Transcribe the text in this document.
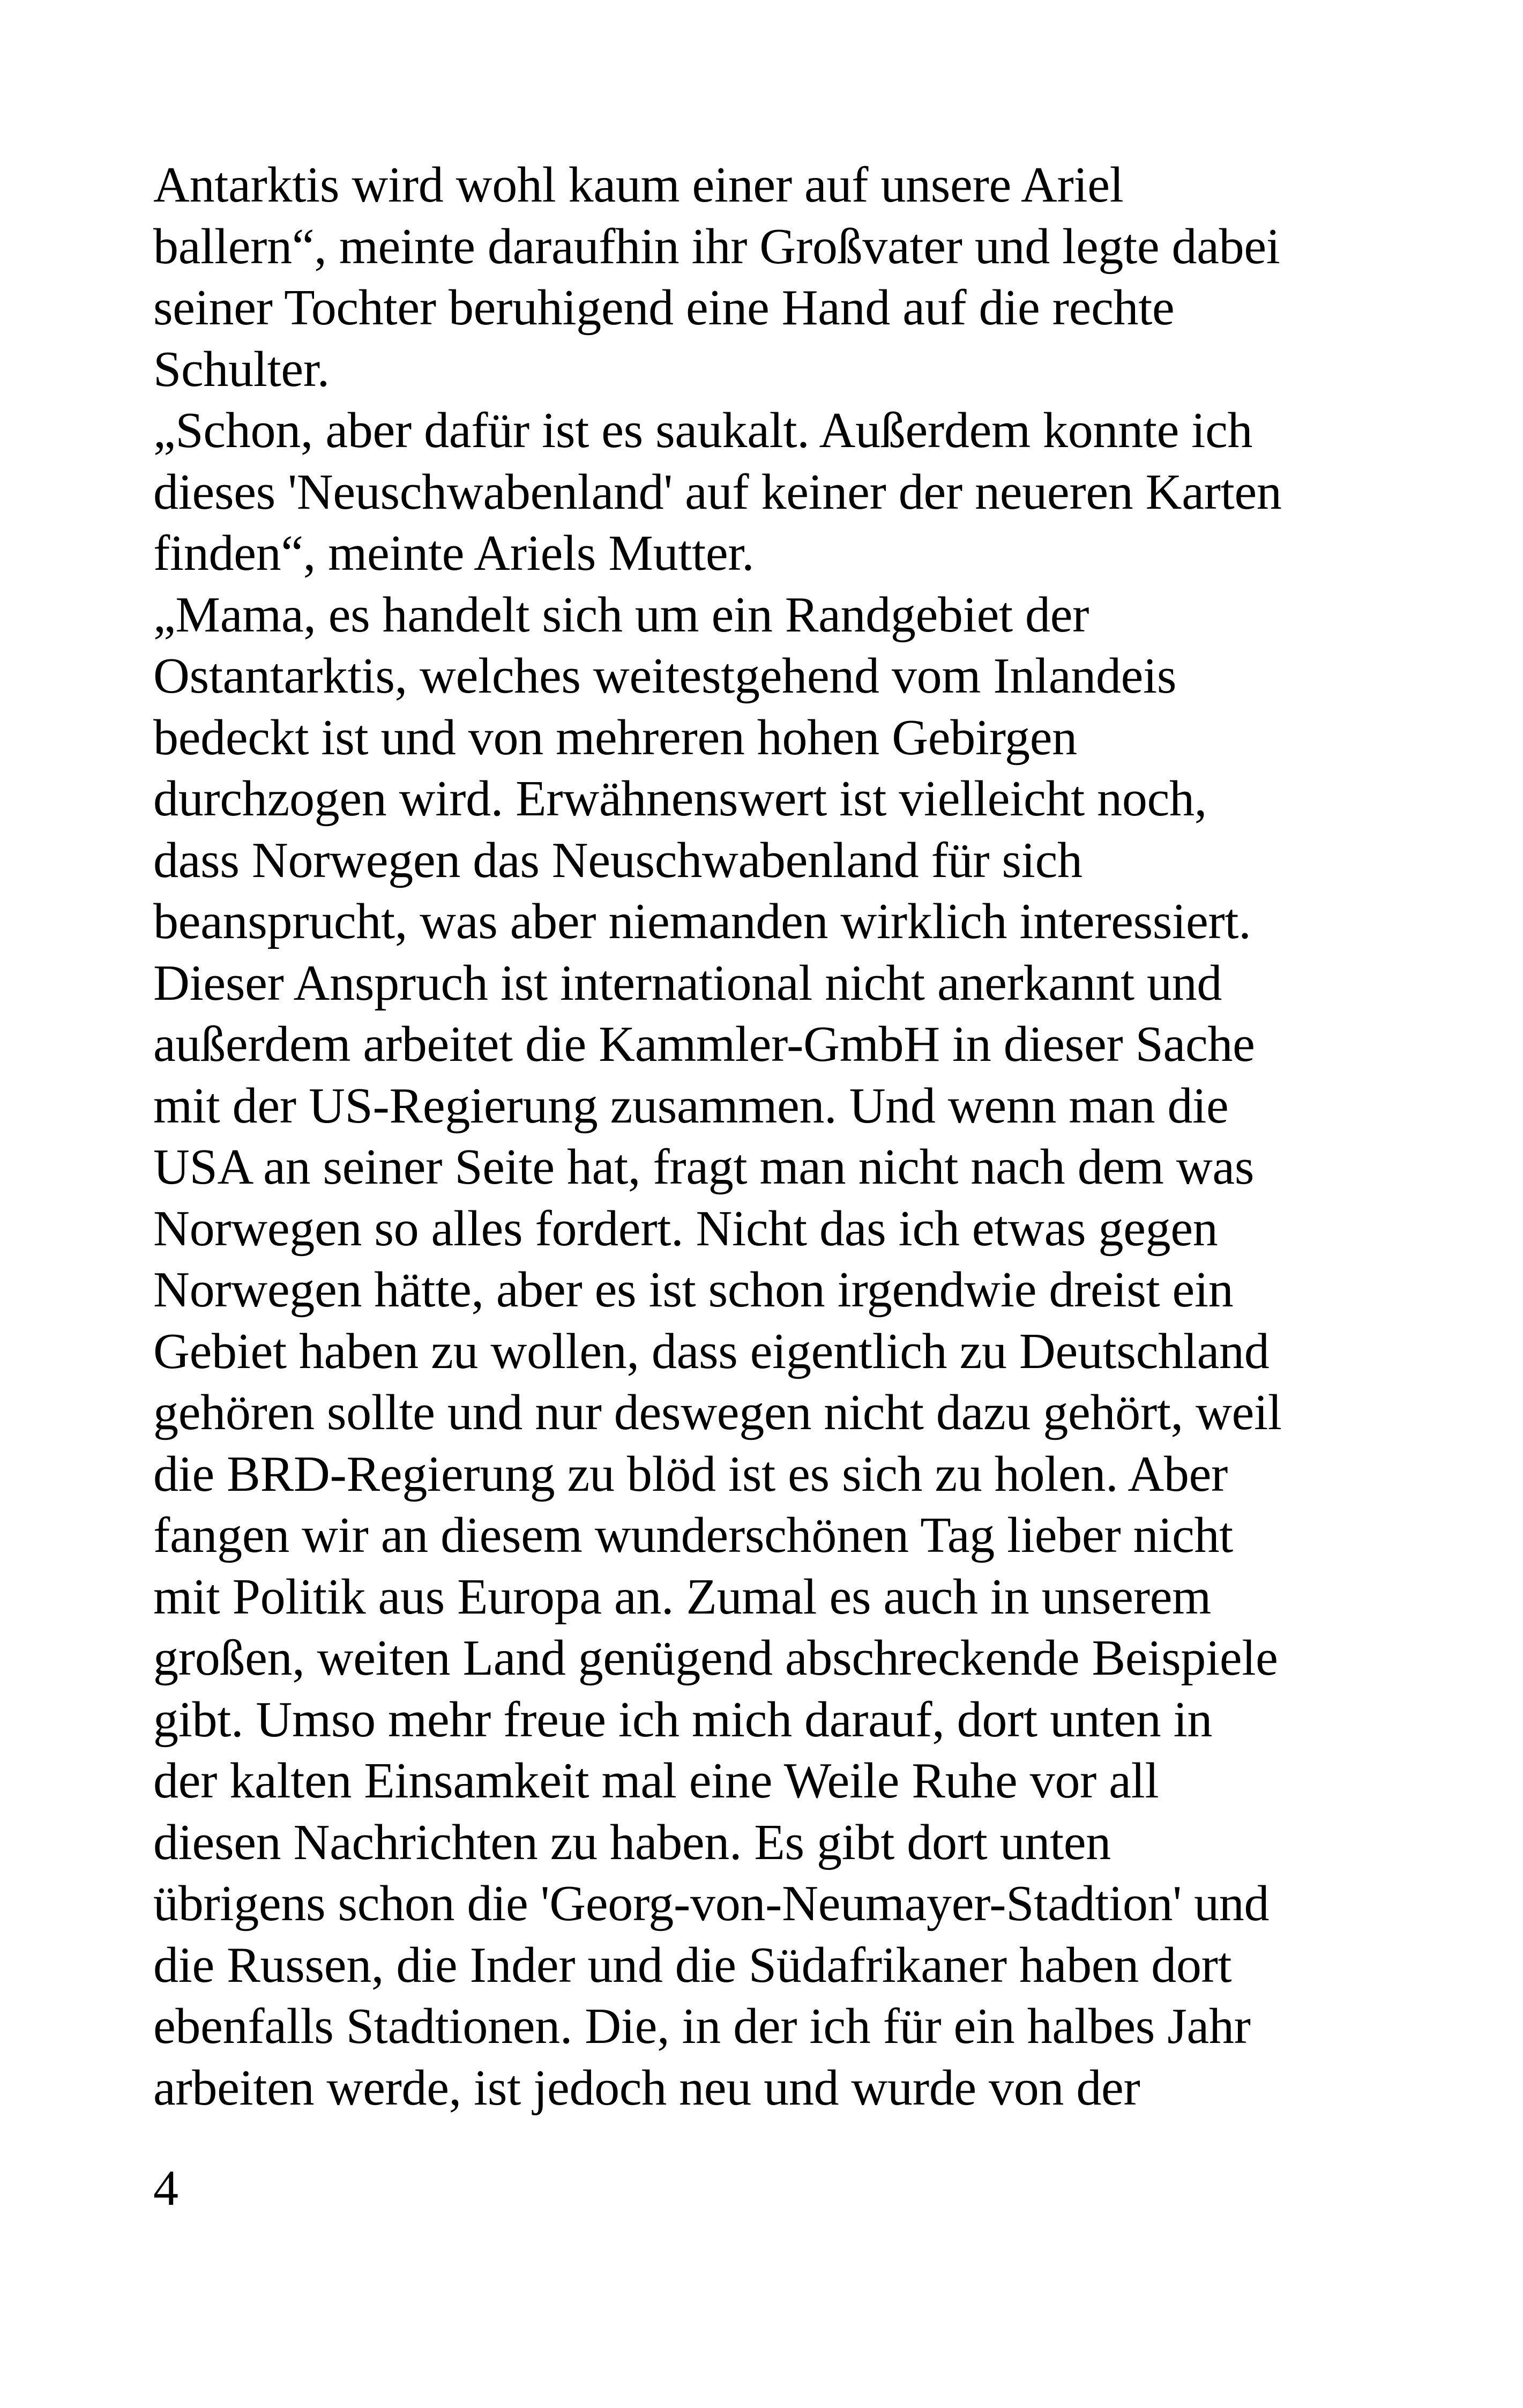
Antarktis wird wohl kaum einer auf unsere Ariel
ballern“, meinte daraufhin ihr Großvater und legte dabei
seiner Tochter beruhigend eine Hand auf die rechte
Schulter.
„Schon, aber dafür ist es saukalt. Außerdem konnte ich
dieses 'Neuschwabenland' auf keiner der neueren Karten
finden“, meinte Ariels Mutter.
„Mama, es handelt sich um ein Randgebiet der
Ostantarktis, welches weitestgehend vom Inlandeis
bedeckt ist und von mehreren hohen Gebirgen
durchzogen wird. Erwähnenswert ist vielleicht noch,
dass Norwegen das Neuschwabenland für sich
beansprucht, was aber niemanden wirklich interessiert.
Dieser Anspruch ist international nicht anerkannt und
außerdem arbeitet die Kammler-GmbH in dieser Sache
mit der US-Regierung zusammen. Und wenn man die
USA an seiner Seite hat, fragt man nicht nach dem was
Norwegen so alles fordert. Nicht das ich etwas gegen
Norwegen hätte, aber es ist schon irgendwie dreist ein
Gebiet haben zu wollen, dass eigentlich zu Deutschland
gehören sollte und nur deswegen nicht dazu gehört, weil
die BRD-Regierung zu blöd ist es sich zu holen. Aber
fangen wir an diesem wunderschönen Tag lieber nicht
mit Politik aus Europa an. Zumal es auch in unserem
großen, weiten Land genügend abschreckende Beispiele
gibt. Umso mehr freue ich mich darauf, dort unten in
der kalten Einsamkeit mal eine Weile Ruhe vor all
diesen Nachrichten zu haben. Es gibt dort unten
übrigens schon die 'Georg-von-Neumayer-Stadtion' und
die Russen, die Inder und die Südafrikaner haben dort
ebenfalls Stadtionen. Die, in der ich für ein halbes Jahr
arbeiten werde, ist jedoch neu und wurde von der
4
